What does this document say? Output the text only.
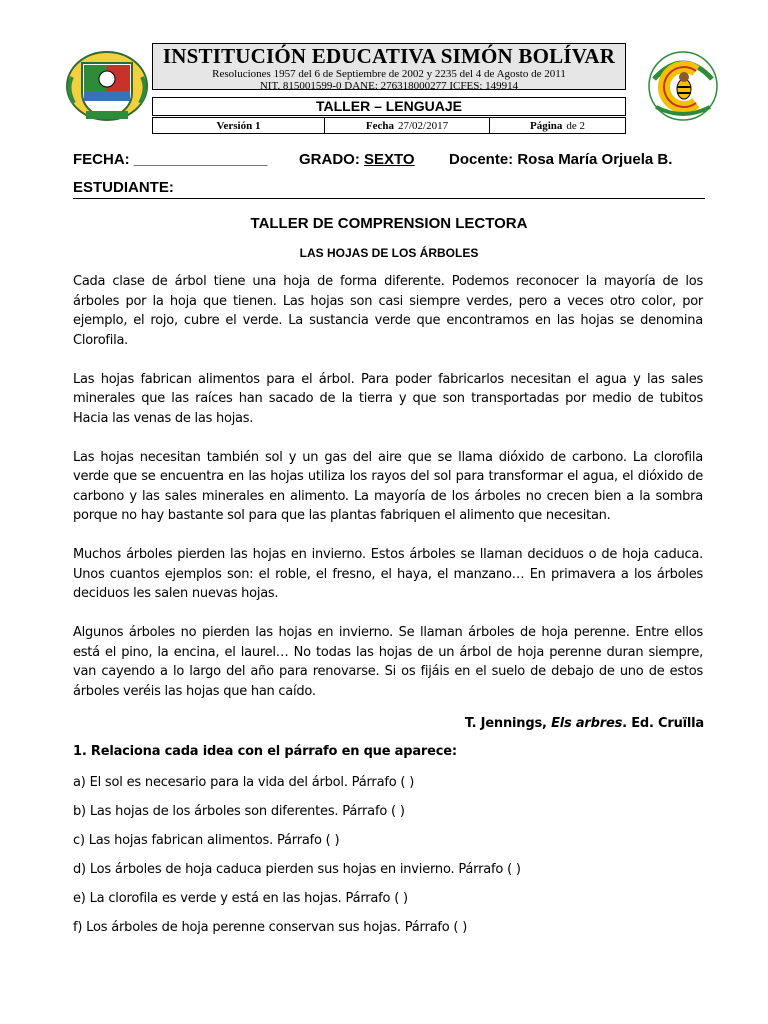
INSTITUCIÓN EDUCATIVA SIMÓN BOLÍVAR
Resoluciones 1957 del 6 de Septiembre de 2002 y 2235 del 4 de Agosto de 2011
NIT. 815001599-0 DANE: 276318000277 ICFES: 149914
TALLER – LENGUAJE
Versión 1	Fecha 27/02/2017	Página de 2
FECHA: ________________	GRADO: SEXTO	Docente: Rosa María Orjuela B.
ESTUDIANTE:
TALLER DE COMPRENSION LECTORA
LAS HOJAS DE LOS ÁRBOLES

Cada clase de árbol tiene una hoja de forma diferente. Podemos reconocer la mayoría de los árboles por la hoja que tienen. Las hojas son casi siempre verdes, pero a veces otro color, por ejemplo, el rojo, cubre el verde. La sustancia verde que encontramos en las hojas se denomina Clorofila.

Las hojas fabrican alimentos para el árbol. Para poder fabricarlos necesitan el agua y las sales minerales que las raíces han sacado de la tierra y que son transportadas por medio de tubitos Hacia las venas de las hojas.

Las hojas necesitan también sol y un gas del aire que se llama dióxido de carbono. La clorofila verde que se encuentra en las hojas utiliza los rayos del sol para transformar el agua, el dióxido de carbono y las sales minerales en alimento. La mayoría de los árboles no crecen bien a la sombra porque no hay bastante sol para que las plantas fabriquen el alimento que necesitan.

Muchos árboles pierden las hojas en invierno. Estos árboles se llaman deciduos o de hoja caduca. Unos cuantos ejemplos son: el roble, el fresno, el haya, el manzano… En primavera a los árboles deciduos les salen nuevas hojas.

Algunos árboles no pierden las hojas en invierno. Se llaman árboles de hoja perenne. Entre ellos está el pino, la encina, el laurel… No todas las hojas de un árbol de hoja perenne duran siempre, van cayendo a lo largo del año para renovarse. Si os fijáis en el suelo de debajo de uno de estos árboles veréis las hojas que han caído.

T. Jennings, Els arbres. Ed. Cruïlla
1. Relaciona cada idea con el párrafo en que aparece:
a) El sol es necesario para la vida del árbol. Párrafo ( )
b) Las hojas de los árboles son diferentes. Párrafo ( )
c) Las hojas fabrican alimentos. Párrafo ( )
d) Los árboles de hoja caduca pierden sus hojas en invierno. Párrafo ( )
e) La clorofila es verde y está en las hojas. Párrafo ( )
f) Los árboles de hoja perenne conservan sus hojas. Párrafo ( )
